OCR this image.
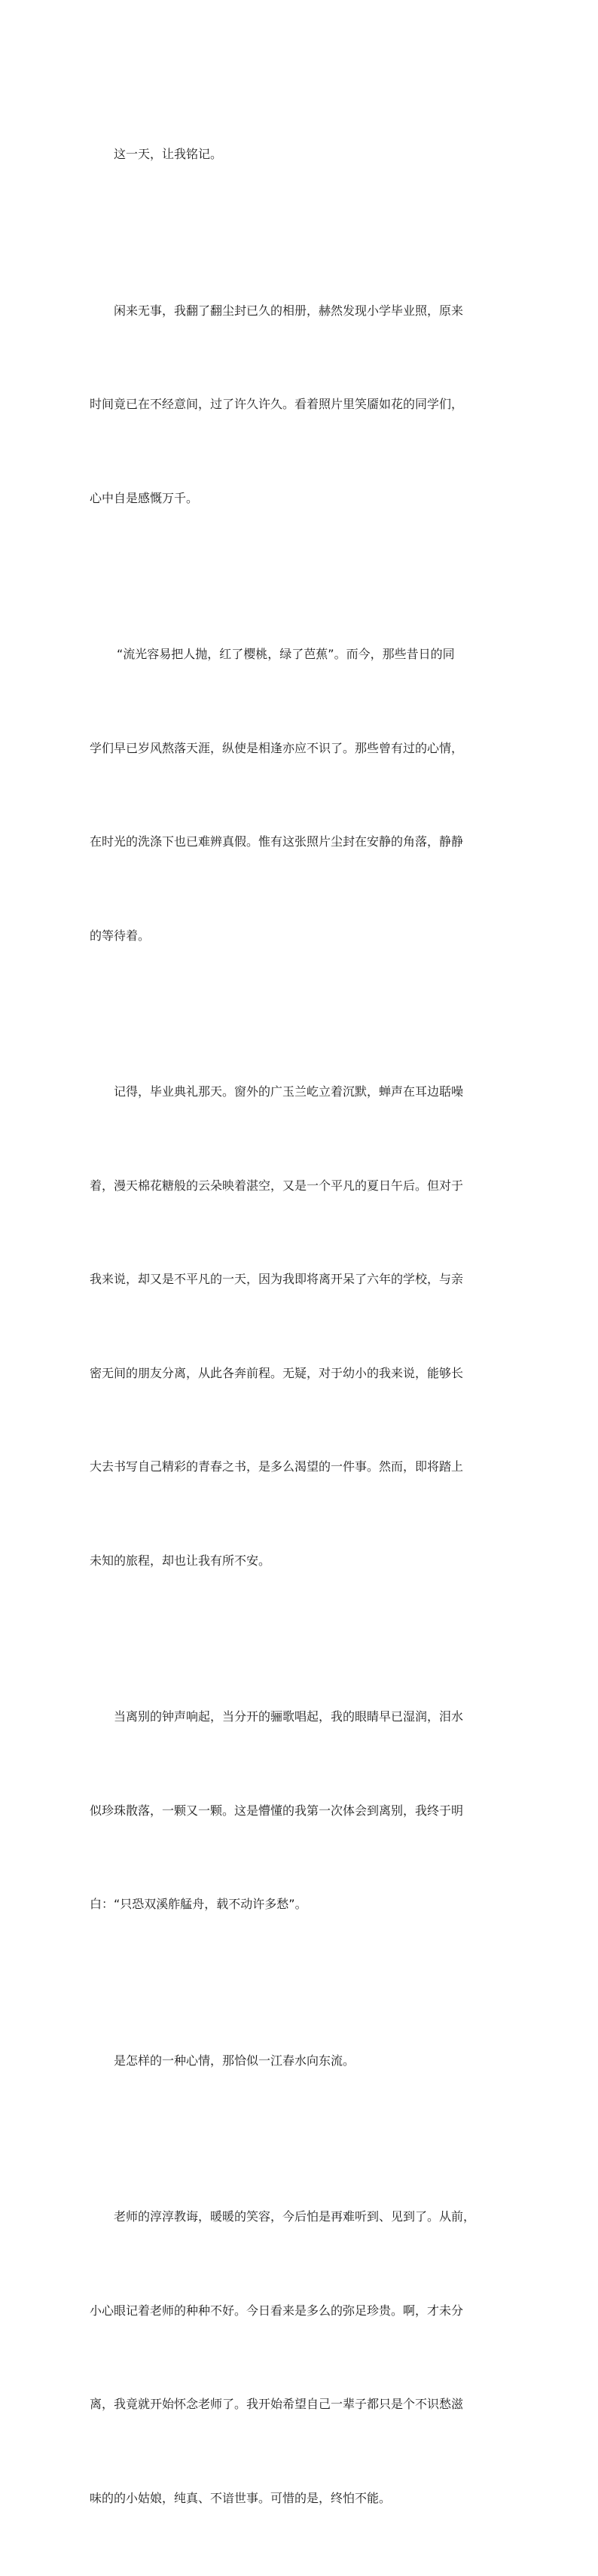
这一天，让我铭记。

闲来无事，我翻了翻尘封已久的相册，赫然发现小学毕业照，原来

时间竟已在不经意间，过了许久许久。看着照片里笑靥如花的同学们，

心中自是感慨万千。

“流光容易把人抛，红了樱桃，绿了芭蕉”。而今，那些昔日的同

学们早已岁风熬落天涯，纵使是相逢亦应不识了。那些曾有过的心情，

在时光的洗涤下也已难辨真假。惟有这张照片尘封在安静的角落，静静

的等待着。

记得，毕业典礼那天。窗外的广玉兰屹立着沉默，蝉声在耳边聒噪

着，漫天棉花糖般的云朵映着湛空，又是一个平凡的夏日午后。但对于

我来说，却又是不平凡的一天，因为我即将离开呆了六年的学校，与亲

密无间的朋友分离，从此各奔前程。无疑，对于幼小的我来说，能够长

大去书写自己精彩的青春之书，是多么渴望的一件事。然而，即将踏上

未知的旅程，却也让我有所不安。

当离别的钟声响起，当分开的骊歌唱起，我的眼睛早已湿润，泪水

似珍珠散落，一颗又一颗。这是懵懂的我第一次体会到离别，我终于明

白：“只恐双溪舴艋舟，载不动许多愁”。

是怎样的一种心情，那恰似一江春水向东流。

老师的淳淳教诲，暖暖的笑容，今后怕是再难听到、见到了。从前，

小心眼记着老师的种种不好。今日看来是多么的弥足珍贵。啊，才未分

离，我竟就开始怀念老师了。我开始希望自己一辈子都只是个不识愁滋

味的的小姑娘，纯真、不谙世事。可惜的是，终怕不能。
